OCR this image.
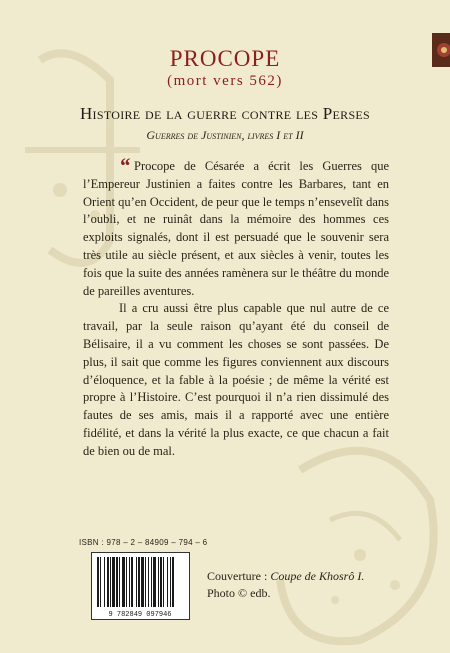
PROCOPE
(mort vers 562)
Histoire de la guerre contre les Perses
Guerres de Justinien, livres I et II

“ Procope de Césarée a écrit les Guerres que l’Empereur Justinien a faites contre les Barbares, tant en Orient qu’en Occident, de peur que le temps n’ensevelît dans l’oubli, et ne ruinât dans la mémoire des hommes ces exploits signalés, dont il est persuadé que le souvenir sera très utile au siècle présent, et aux siècles à venir, toutes les fois que la suite des années ramènera sur le théâtre du monde de pareilles aventures.

Il a cru aussi être plus capable que nul autre de ce travail, par la seule raison qu’ayant été du conseil de Bélisaire, il a vu comment les choses se sont passées. De plus, il sait que comme les figures conviennent aux discours d’éloquence, et la fable à la poésie ; de même la vérité est propre à l’Histoire. C’est pourquoi il n’a rien dissimulé des fautes de ses amis, mais il a rapporté avec une entière fidélité, et dans la vérité la plus exacte, ce que chacun a fait de bien ou de mal.

ISBN : 978 – 2 – 84909 – 794 – 6
9 782849 097946
Couverture : Coupe de Khosrô I.
Photo © edb.
